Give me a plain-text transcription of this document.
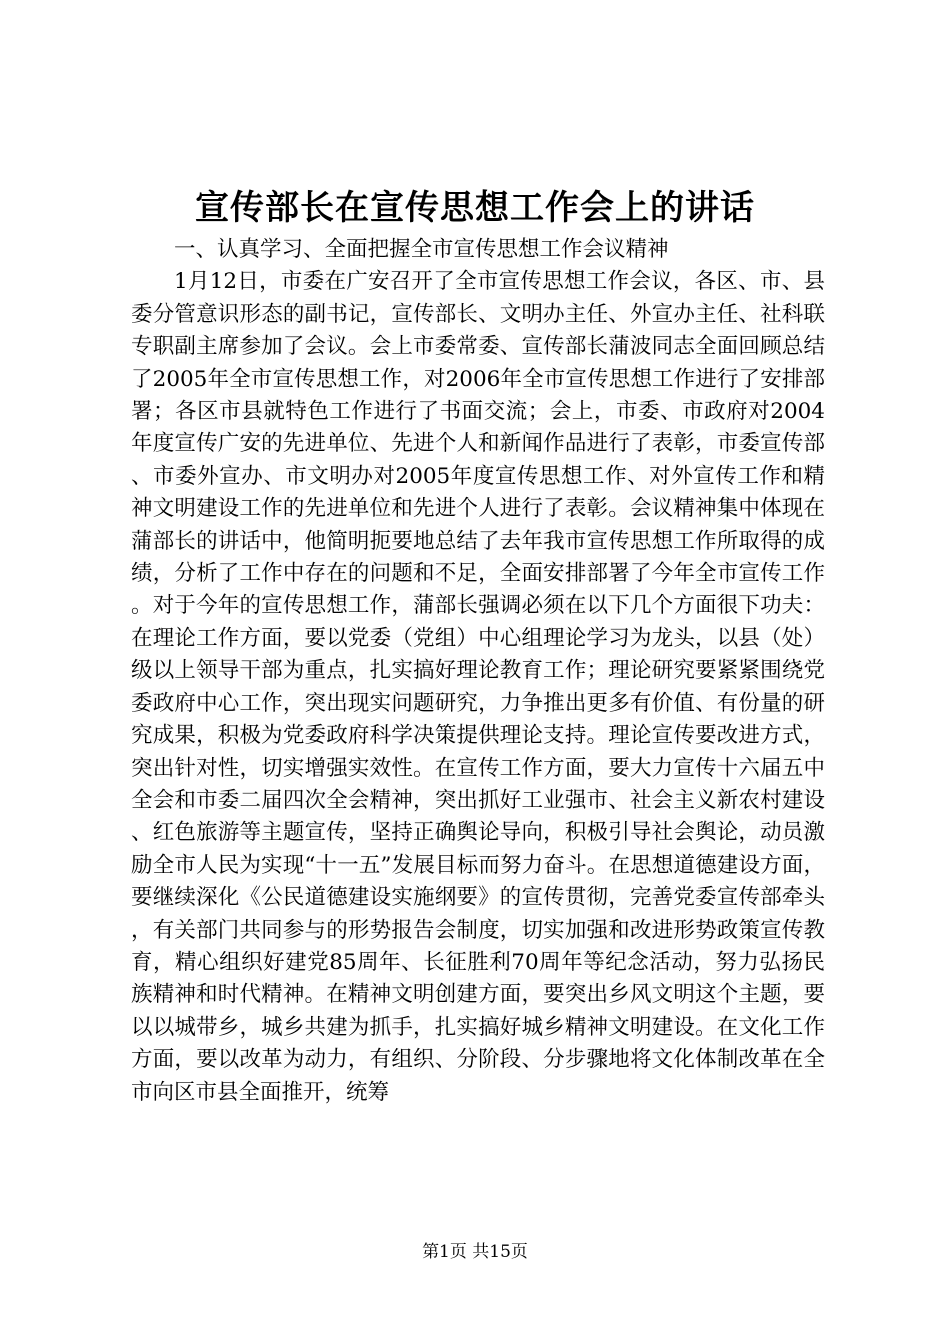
宣传部长在宣传思想工作会上的讲话

一、认真学习、全面把握全市宣传思想工作会议精神

1月12日，市委在广安召开了全市宣传思想工作会议，各区、市、县委分管意识形态的副书记，宣传部长、文明办主任、外宣办主任、社科联专职副主席参加了会议。会上市委常委、宣传部长蒲波同志全面回顾总结了2005年全市宣传思想工作，对2006年全市宣传思想工作进行了安排部署；各区市县就特色工作进行了书面交流；会上，市委、市政府对2004年度宣传广安的先进单位、先进个人和新闻作品进行了表彰，市委宣传部、市委外宣办、市文明办对2005年度宣传思想工作、对外宣传工作和精神文明建设工作的先进单位和先进个人进行了表彰。会议精神集中体现在蒲部长的讲话中，他简明扼要地总结了去年我市宣传思想工作所取得的成绩，分析了工作中存在的问题和不足，全面安排部署了今年全市宣传工作。对于今年的宣传思想工作，蒲部长强调必须在以下几个方面很下功夫：在理论工作方面，要以党委（党组）中心组理论学习为龙头，以县（处）级以上领导干部为重点，扎实搞好理论教育工作；理论研究要紧紧围绕党委政府中心工作，突出现实问题研究，力争推出更多有价值、有份量的研究成果，积极为党委政府科学决策提供理论支持。理论宣传要改进方式，突出针对性，切实增强实效性。在宣传工作方面，要大力宣传十六届五中全会和市委二届四次全会精神，突出抓好工业强市、社会主义新农村建设、红色旅游等主题宣传，坚持正确舆论导向，积极引导社会舆论，动员激励全市人民为实现“十一五”发展目标而努力奋斗。在思想道德建设方面，要继续深化《公民道德建设实施纲要》的宣传贯彻，完善党委宣传部牵头，有关部门共同参与的形势报告会制度，切实加强和改进形势政策宣传教育，精心组织好建党85周年、长征胜利70周年等纪念活动，努力弘扬民族精神和时代精神。在精神文明创建方面，要突出乡风文明这个主题，要以以城带乡，城乡共建为抓手，扎实搞好城乡精神文明建设。在文化工作方面，要以改革为动力，有组织、分阶段、分步骤地将文化体制改革在全市向区市县全面推开，统筹

第1页 共15页
